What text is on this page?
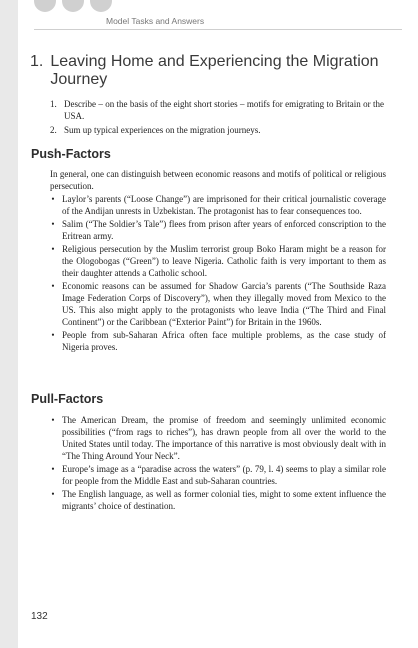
Model Tasks and Answers
1. Leaving Home and Experiencing the Migration Journey
1. Describe – on the basis of the eight short stories – motifs for emigrating to Britain or the USA.
2. Sum up typical experiences on the migration journeys.
Push-Factors

In general, one can distinguish between economic reasons and motifs of political or religious persecution.

• Laylor’s parents (“Loose Change”) are imprisoned for their critical journalistic coverage of the Andijan unrests in Uzbekistan. The protagonist has to fear consequences too.
• Salim (“The Soldier’s Tale”) flees from prison after years of enforced conscription to the Eritrean army.
• Religious persecution by the Muslim terrorist group Boko Haram might be a reason for the Ologobogas (“Green”) to leave Nigeria. Catholic faith is very important to them as their daughter attends a Catholic school.
• Economic reasons can be assumed for Shadow Garcia’s parents (“The Southside Raza Image Federation Corps of Discovery”), when they illegally moved from Mexico to the US. This also might apply to the protagonists who leave India (“The Third and Final Continent”) or the Caribbean (“Exterior Paint”) for Britain in the 1960s.
• People from sub-Saharan Africa often face multiple problems, as the case study of Nigeria proves.
Pull-Factors
• The American Dream, the promise of freedom and seemingly unlimited economic possibilities (“from rags to riches”), has drawn people from all over the world to the United States until today. The importance of this narrative is most obviously dealt with in “The Thing Around Your Neck”.
• Europe’s image as a “paradise across the waters” (p. 79, l. 4) seems to play a similar role for people from the Middle East and sub-Saharan countries.
• The English language, as well as former colonial ties, might to some extent influence the migrants’ choice of destination.
132
